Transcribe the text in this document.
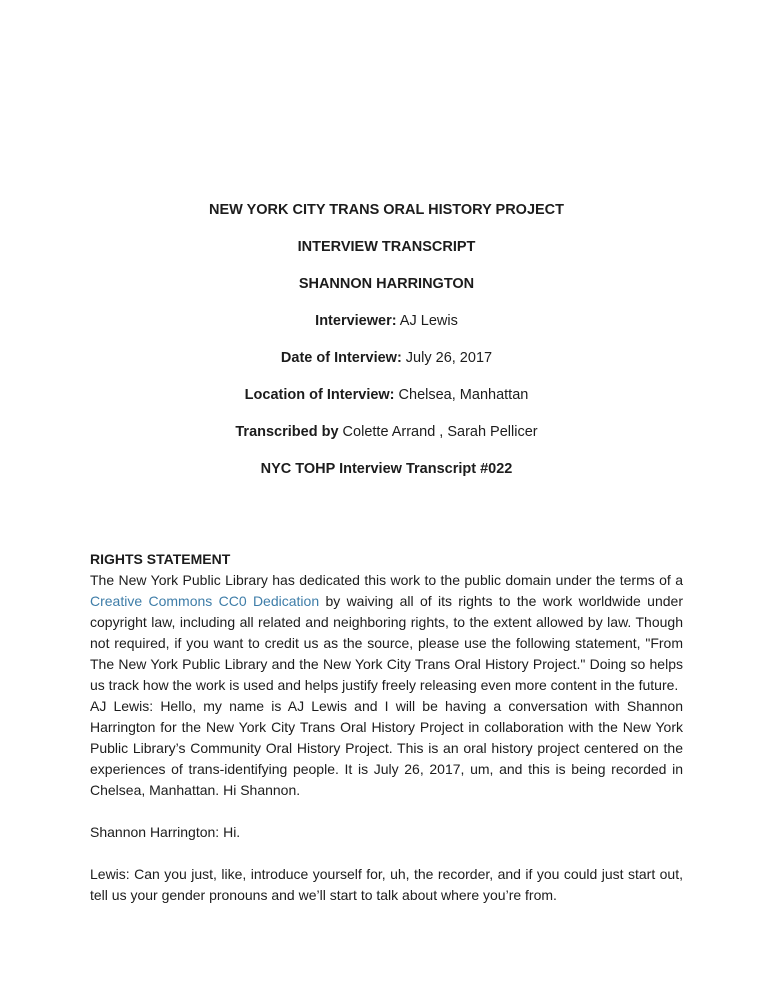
NEW YORK CITY TRANS ORAL HISTORY PROJECT

INTERVIEW TRANSCRIPT

SHANNON HARRINGTON

Interviewer: AJ Lewis

Date of Interview: July 26, 2017

Location of Interview: Chelsea, Manhattan

Transcribed by Colette Arrand , Sarah Pellicer

NYC TOHP Interview Transcript #022

RIGHTS STATEMENT

The New York Public Library has dedicated this work to the public domain under the terms of a Creative Commons CC0 Dedication by waiving all of its rights to the work worldwide under copyright law, including all related and neighboring rights, to the extent allowed by law. Though not required, if you want to credit us as the source, please use the following statement, "From The New York Public Library and the New York City Trans Oral History Project." Doing so helps us track how the work is used and helps justify freely releasing even more content in the future.

AJ Lewis: Hello, my name is AJ Lewis and I will be having a conversation with Shannon Harrington for the New York City Trans Oral History Project in collaboration with the New York Public Library’s Community Oral History Project. This is an oral history project centered on the experiences of trans-identifying people. It is July 26, 2017, um, and this is being recorded in Chelsea, Manhattan. Hi Shannon.

Shannon Harrington: Hi.

Lewis: Can you just, like, introduce yourself for, uh, the recorder, and if you could just start out, tell us your gender pronouns and we’ll start to talk about where you’re from.
